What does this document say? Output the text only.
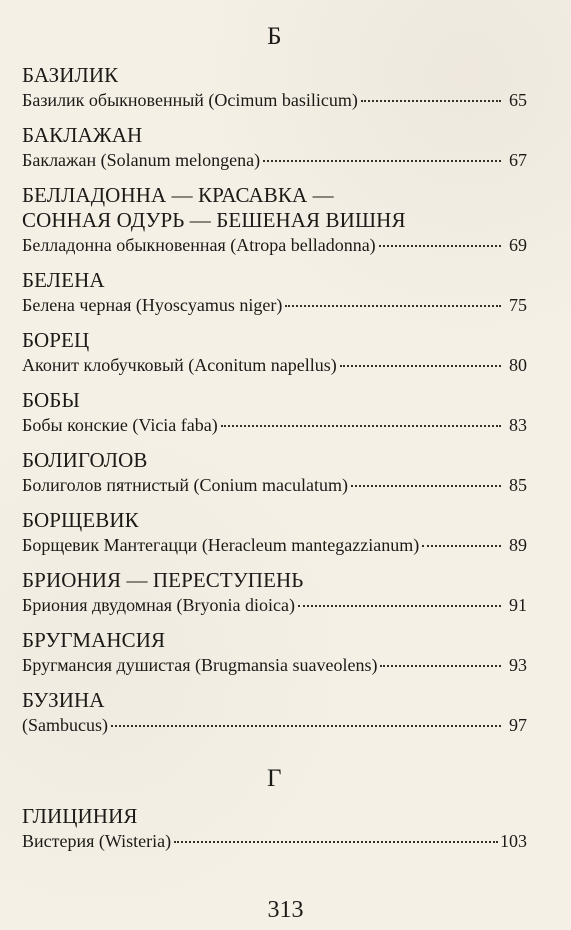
Б
БАЗИЛИК
Базилик обыкновенный (Ocimum basilicum)	65
БАКЛАЖАН
Баклажан (Solanum melongena)	67
БЕЛЛАДОННА — КРАСАВКА —
СОННАЯ ОДУРЬ — БЕШЕНАЯ ВИШНЯ
Белладонна обыкновенная (Atropa belladonna)	69
БЕЛЕНА
Белена черная (Hyoscyamus niger)	75
БОРЕЦ
Аконит клобучковый (Aconitum napellus)	80
БОБЫ
Бобы конские (Vicia faba)	83
БОЛИГОЛОВ
Болиголов пятнистый (Conium maculatum)	85
БОРЩЕВИК
Борщевик Мантегацци (Heracleum mantegazzianum)	89
БРИОНИЯ — ПЕРЕСТУПЕНЬ
Бриония двудомная (Bryonia dioica)	91
БРУГМАНСИЯ
Бругмансия душистая (Brugmansia suaveolens)	93
БУЗИНА
(Sambucus)	97
Г
ГЛИЦИНИЯ
Вистерия (Wisteria)	103
313
